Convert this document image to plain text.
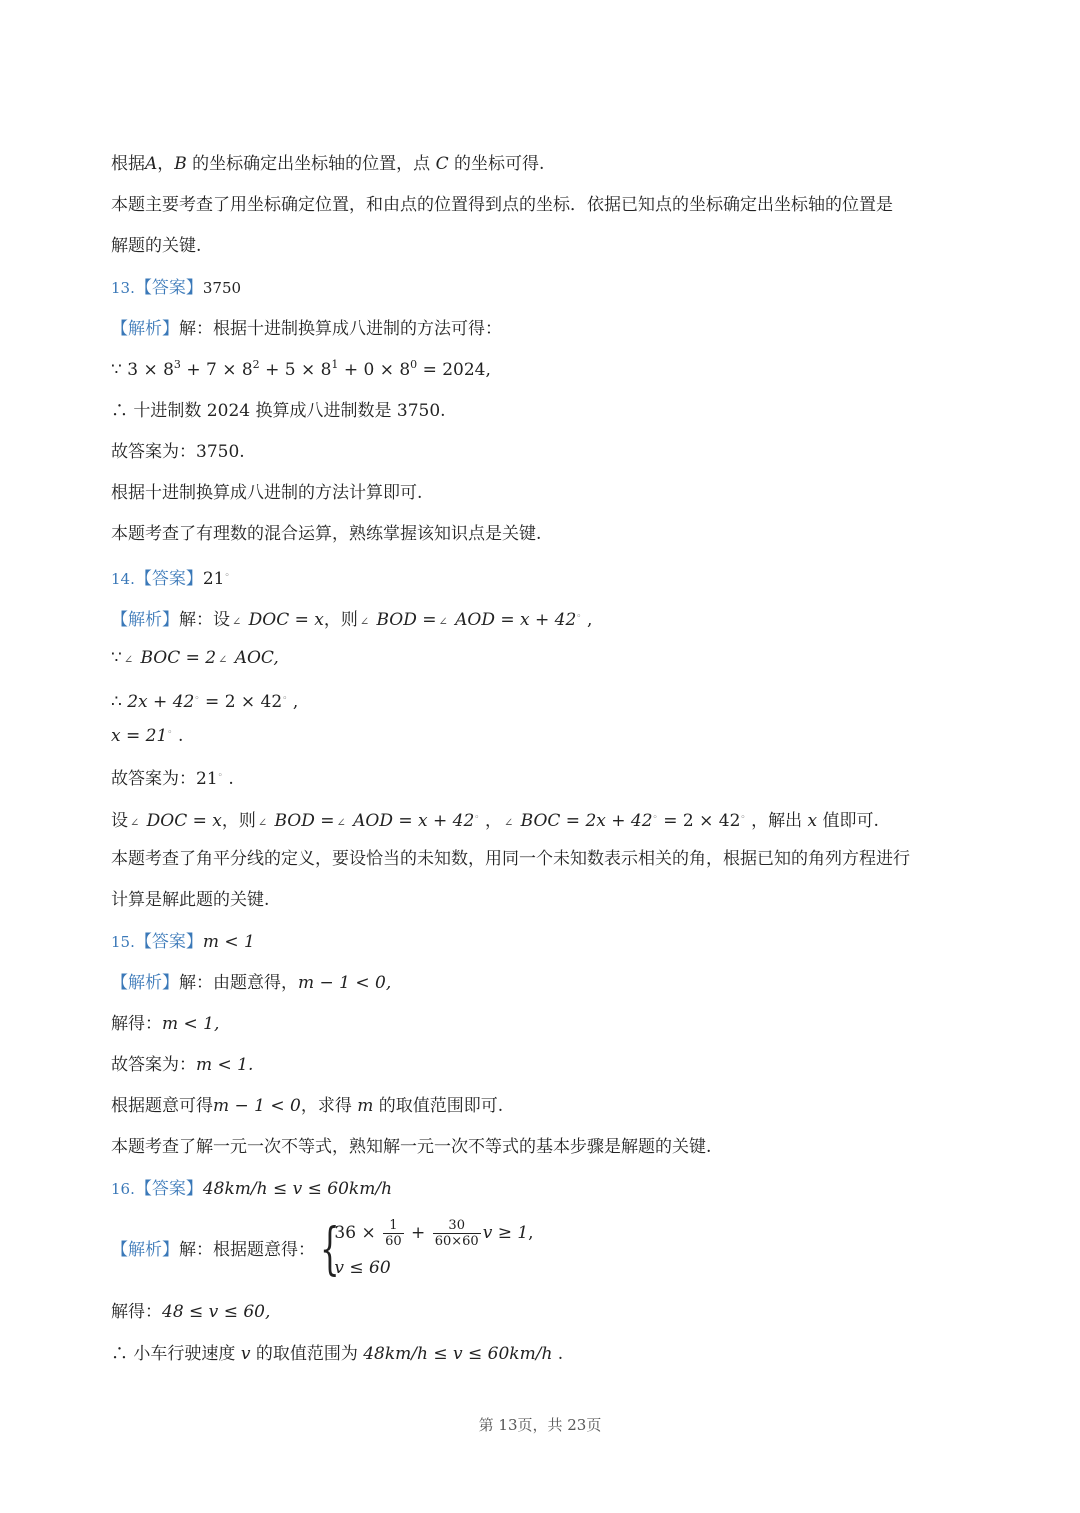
根据A，B 的坐标确定出坐标轴的位置，点 C 的坐标可得.
本题主要考查了用坐标确定位置，和由点的位置得到点的坐标．依据已知点的坐标确定出坐标轴的位置是
解题的关键.
13.【答案】3750
【解析】解：根据十进制换算成八进制的方法可得：
∵ $3 \times 8^3 + 7 \times 8^2 + 5 \times 8^1 + 0 \times 8^0 = 2024$,
∴ 十进制数 2024 换算成八进制数是 3750.
故答案为：3750.
根据十进制换算成八进制的方法计算即可.
本题考查了有理数的混合运算，熟练掌握该知识点是关键.
14.【答案】21◦
【解析】解：设 ∠ DOC = x，则 ∠ BOD = ∠ AOD = x + 42◦ ,
∵ ∠ BOC = 2 ∠ AOC,
∴ 2x + 42◦ = 2 × 42◦ ,
x = 21◦ .
故答案为：21◦ .
设 ∠ DOC = x，则 ∠ BOD = ∠ AOD = x + 42◦ ， ∠ BOC = 2x + 42◦ = 2 × 42◦ ，解出 x 值即可.
本题考查了角平分线的定义，要设恰当的未知数，用同一个未知数表示相关的角，根据已知的角列方程进行
计算是解此题的关键.
15.【答案】m < 1
【解析】解：由题意得，m − 1 < 0,
解得：m < 1,
故答案为：m < 1.
根据题意可得m − 1 < 0，求得 m 的取值范围即可.
本题考查了解一元一次不等式，熟知解一元一次不等式的基本步骤是解题的关键.
16.【答案】48km/h ≤ v ≤ 60km/h
【解析】解：根据题意得： {
$36 \times \frac{1}{60} + \frac{30}{60\times 60}$ v ≥ 1,
v ≤ 60
解得：48 ≤ v ≤ 60,
∴ 小车行驶速度 v 的取值范围为 48km/h ≤ v ≤ 60km/h .
第 13页，共 23页
